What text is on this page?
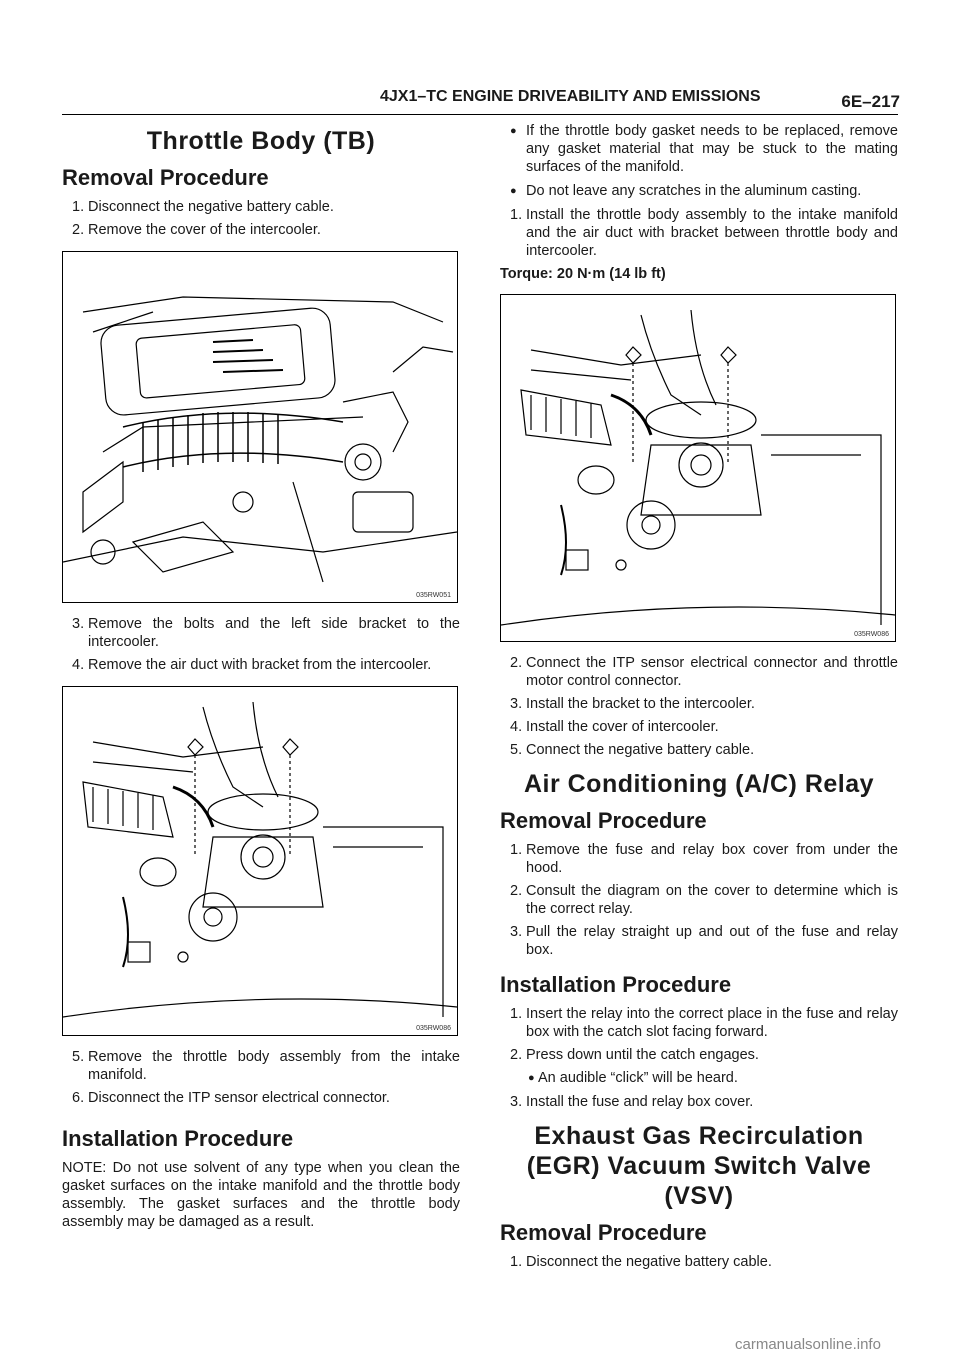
4JX1–TC ENGINE DRIVEABILITY AND EMISSIONS	6E–217
Throttle Body (TB)
Removal Procedure
1. Disconnect the negative battery cable.
2. Remove the cover of the intercooler.
035RW051
3. Remove the bolts and the left side bracket to the intercooler.
4. Remove the air duct with bracket from the intercooler.
035RW086
5. Remove the throttle body assembly from the intake manifold.
6. Disconnect the ITP sensor electrical connector.
Installation Procedure

NOTE: Do not use solvent of any type when you clean the gasket surfaces on the intake manifold and the throttle body assembly. The gasket surfaces and the throttle body assembly may be damaged as a result.

● If the throttle body gasket needs to be replaced, remove any gasket material that may be stuck to the mating surfaces of the manifold.
● Do not leave any scratches in the aluminum casting.
1. Install the throttle body assembly to the intake manifold and the air duct with bracket between throttle body and intercooler.
Torque: 20 N·m (14 lb ft)
035RW086
2. Connect the ITP sensor electrical connector and throttle motor control connector.
3. Install the bracket to the intercooler.
4. Install the cover of intercooler.
5. Connect the negative battery cable.
Air Conditioning (A/C) Relay
Removal Procedure
1. Remove the fuse and relay box cover from under the hood.
2. Consult the diagram on the cover to determine which is the correct relay.
3. Pull the relay straight up and out of the fuse and relay box.
Installation Procedure
1. Insert the relay into the correct place in the fuse and relay box with the catch slot facing forward.
2. Press down until the catch engages.
● An audible “click” will be heard.
3. Install the fuse and relay box cover.
Exhaust Gas Recirculation (EGR) Vacuum Switch Valve (VSV)
Removal Procedure
1. Disconnect the negative battery cable.
carmanualsonline.info
